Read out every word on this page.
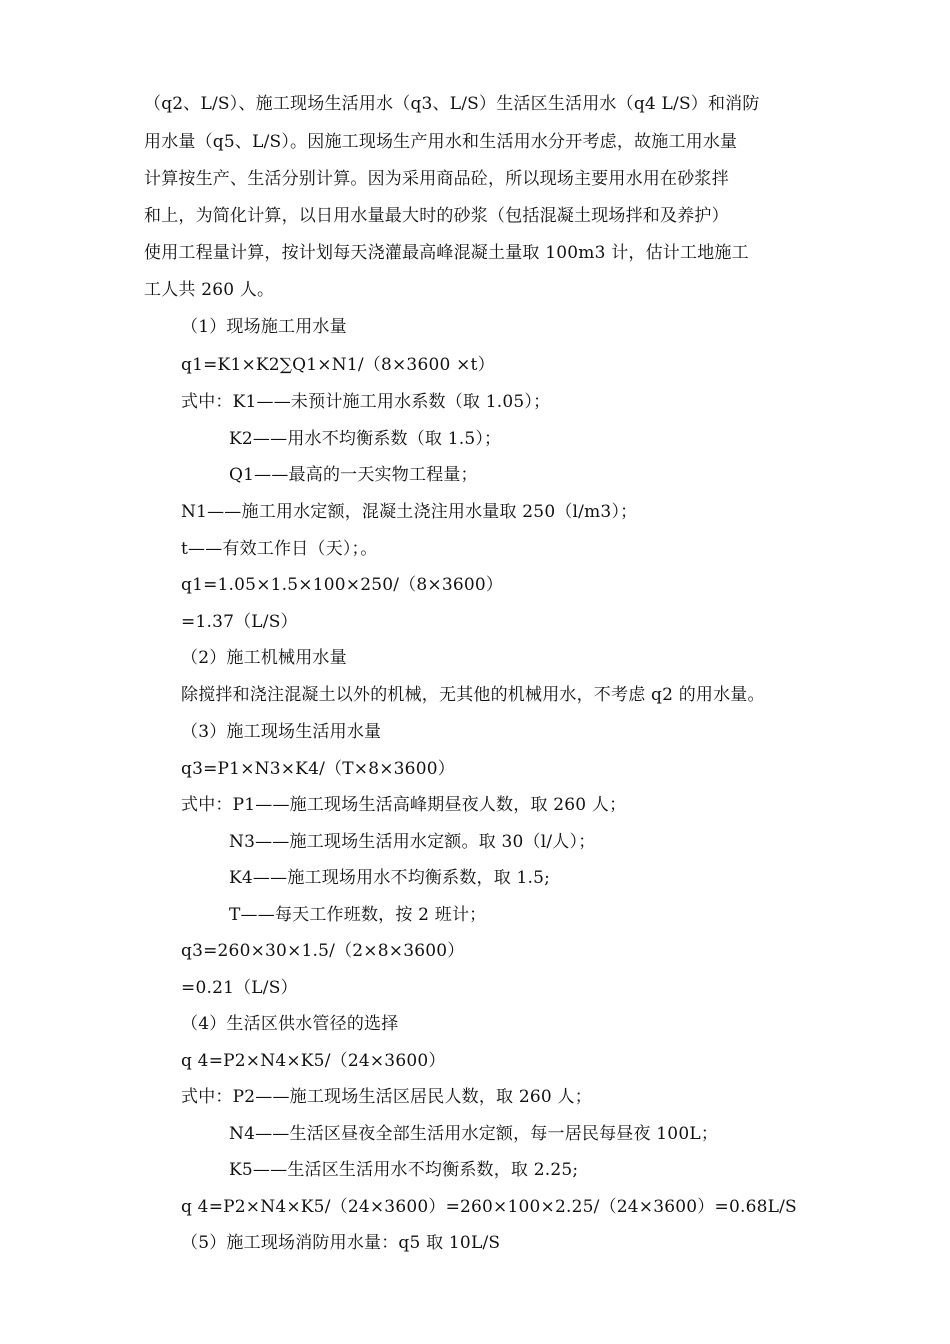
（q2、L/S）、施工现场生活用水（q3、L/S）生活区生活用水（q4 L/S）和消防
用水量（q5、L/S）。因施工现场生产用水和生活用水分开考虑，故施工用水量
计算按生产、生活分别计算。因为采用商品砼，所以现场主要用水用在砂浆拌
和上，为简化计算，以日用水量最大时的砂浆（包括混凝土现场拌和及养护）
使用工程量计算，按计划每天浇灌最高峰混凝土量取 100m3 计，估计工地施工
工人共 260 人。
（1）现场施工用水量
q1=K1×K2∑Q1×N1/（8×3600 ×t）
式中：K1——未预计施工用水系数（取 1.05）；
K2——用水不均衡系数（取 1.5）；
Q1——最高的一天实物工程量；
N1——施工用水定额，混凝土浇注用水量取 250（l/m3）；
t——有效工作日（天）；。
q1=1.05×1.5×100×250/（8×3600）
=1.37（L/S）
（2）施工机械用水量
除搅拌和浇注混凝土以外的机械，无其他的机械用水，不考虑 q2 的用水量。
（3）施工现场生活用水量
q3=P1×N3×K4/（T×8×3600）
式中：P1——施工现场生活高峰期昼夜人数，取 260 人；
N3——施工现场生活用水定额。取 30（l/人）；
K4——施工现场用水不均衡系数，取 1.5;
T——每天工作班数，按 2 班计；
q3=260×30×1.5/（2×8×3600）
=0.21（L/S）
（4）生活区供水管径的选择
q 4=P2×N4×K5/（24×3600）
式中：P2——施工现场生活区居民人数，取 260 人；
N4——生活区昼夜全部生活用水定额，每一居民每昼夜 100L；
K5——生活区生活用水不均衡系数，取 2.25;
q 4=P2×N4×K5/（24×3600）=260×100×2.25/（24×3600）=0.68L/S
（5）施工现场消防用水量：q5 取 10L/S
